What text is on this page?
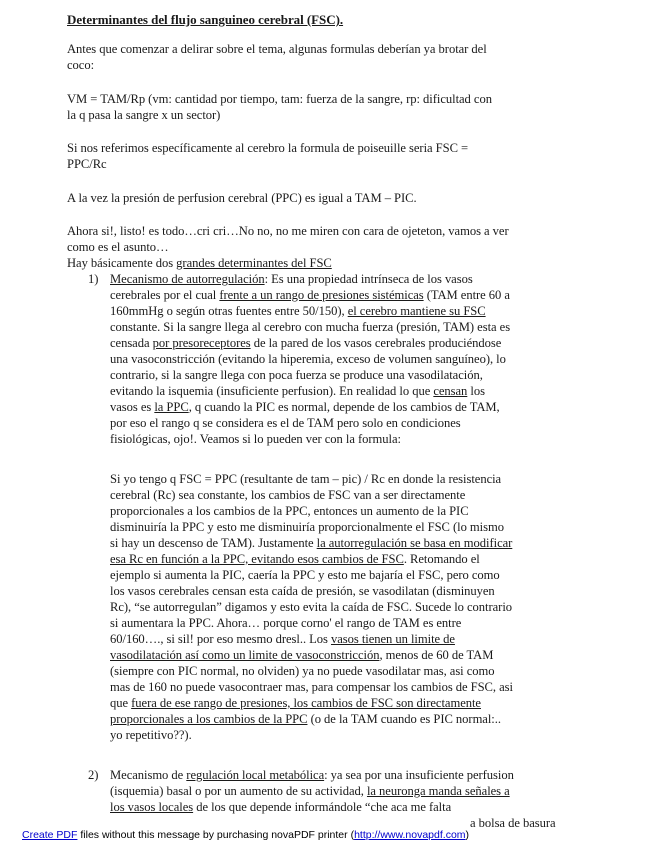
Determinantes del flujo sanguineo cerebral (FSC).
Antes que comenzar a delirar sobre el tema, algunas formulas deberían ya brotar del
coco:
VM = TAM/Rp (vm: cantidad por tiempo, tam: fuerza de la sangre, rp: dificultad con
la q pasa la sangre x un sector)
Si nos referimos específicamente al cerebro la formula de poiseuille seria FSC =
PPC/Rc
A la vez la presión de perfusion cerebral (PPC) es igual a TAM – PIC.
Ahora si!, listo! es todo…cri cri…No no, no me miren con cara de ojeteton, vamos a ver
como es el asunto…
Hay básicamente dos grandes determinantes del FSC
1) Mecanismo de autorregulación: Es una propiedad intrínseca de los vasos
cerebrales por el cual frente a un rango de presiones sistémicas (TAM entre 60 a
160mmHg o según otras fuentes entre 50/150), el cerebro mantiene su FSC
constante. Si la sangre llega al cerebro con mucha fuerza (presión, TAM) esta es
censada por presoreceptores de la pared de los vasos cerebrales produciéndose
una vasoconstricción (evitando la hiperemia, exceso de volumen sanguíneo), lo
contrario, si la sangre llega con poca fuerza se produce una vasodilatación,
evitando la isquemia (insuficiente perfusion). En realidad lo que censan los
vasos es la PPC, q cuando la PIC es normal, depende de los cambios de TAM,
por eso el rango q se considera es el de TAM pero solo en condiciones
fisiológicas, ojo!. Veamos si lo pueden ver con la formula:
Si yo tengo q FSC = PPC (resultante de tam – pic) / Rc en donde la resistencia
cerebral (Rc) sea constante, los cambios de FSC van a ser directamente
proporcionales a los cambios de la PPC, entonces un aumento de la PIC
disminuiría la PPC y esto me disminuiría proporcionalmente el FSC (lo mismo
si hay un descenso de TAM). Justamente la autorregulación se basa en modificar
esa Rc en función a la PPC, evitando esos cambios de FSC. Retomando el
ejemplo si aumenta la PIC, caería la PPC y esto me bajaría el FSC, pero como
los vasos cerebrales censan esta caída de presión, se vasodilatan (disminuyen
Rc), “se autorregulan” digamos y esto evita la caída de FSC. Sucede lo contrario
si aumentara la PPC. Ahora… porque corno' el rango de TAM es entre
60/160…., si sil! por eso mesmo dresl.. Los vasos tienen un limite de
vasodilatación así como un limite de vasoconstricción, menos de 60 de TAM
(siempre con PIC normal, no olviden) ya no puede vasodilatar mas, asi como
mas de 160 no puede vasocontraer mas, para compensar los cambios de FSC, asi
que fuera de ese rango de presiones, los cambios de FSC son directamente
proporcionales a los cambios de la PPC (o de la TAM cuando es PIC normal:..
yo repetitivo??).
2) Mecanismo de regulación local metabólica: ya sea por una insuficiente perfusion
(isquemia) basal o por un aumento de su actividad, la neuronga manda señales a
los vasos locales de los que depende informándole “che aca me falta
a bolsa de basura
Create PDF files without this message by purchasing novaPDF printer (http://www.novapdf.com)
